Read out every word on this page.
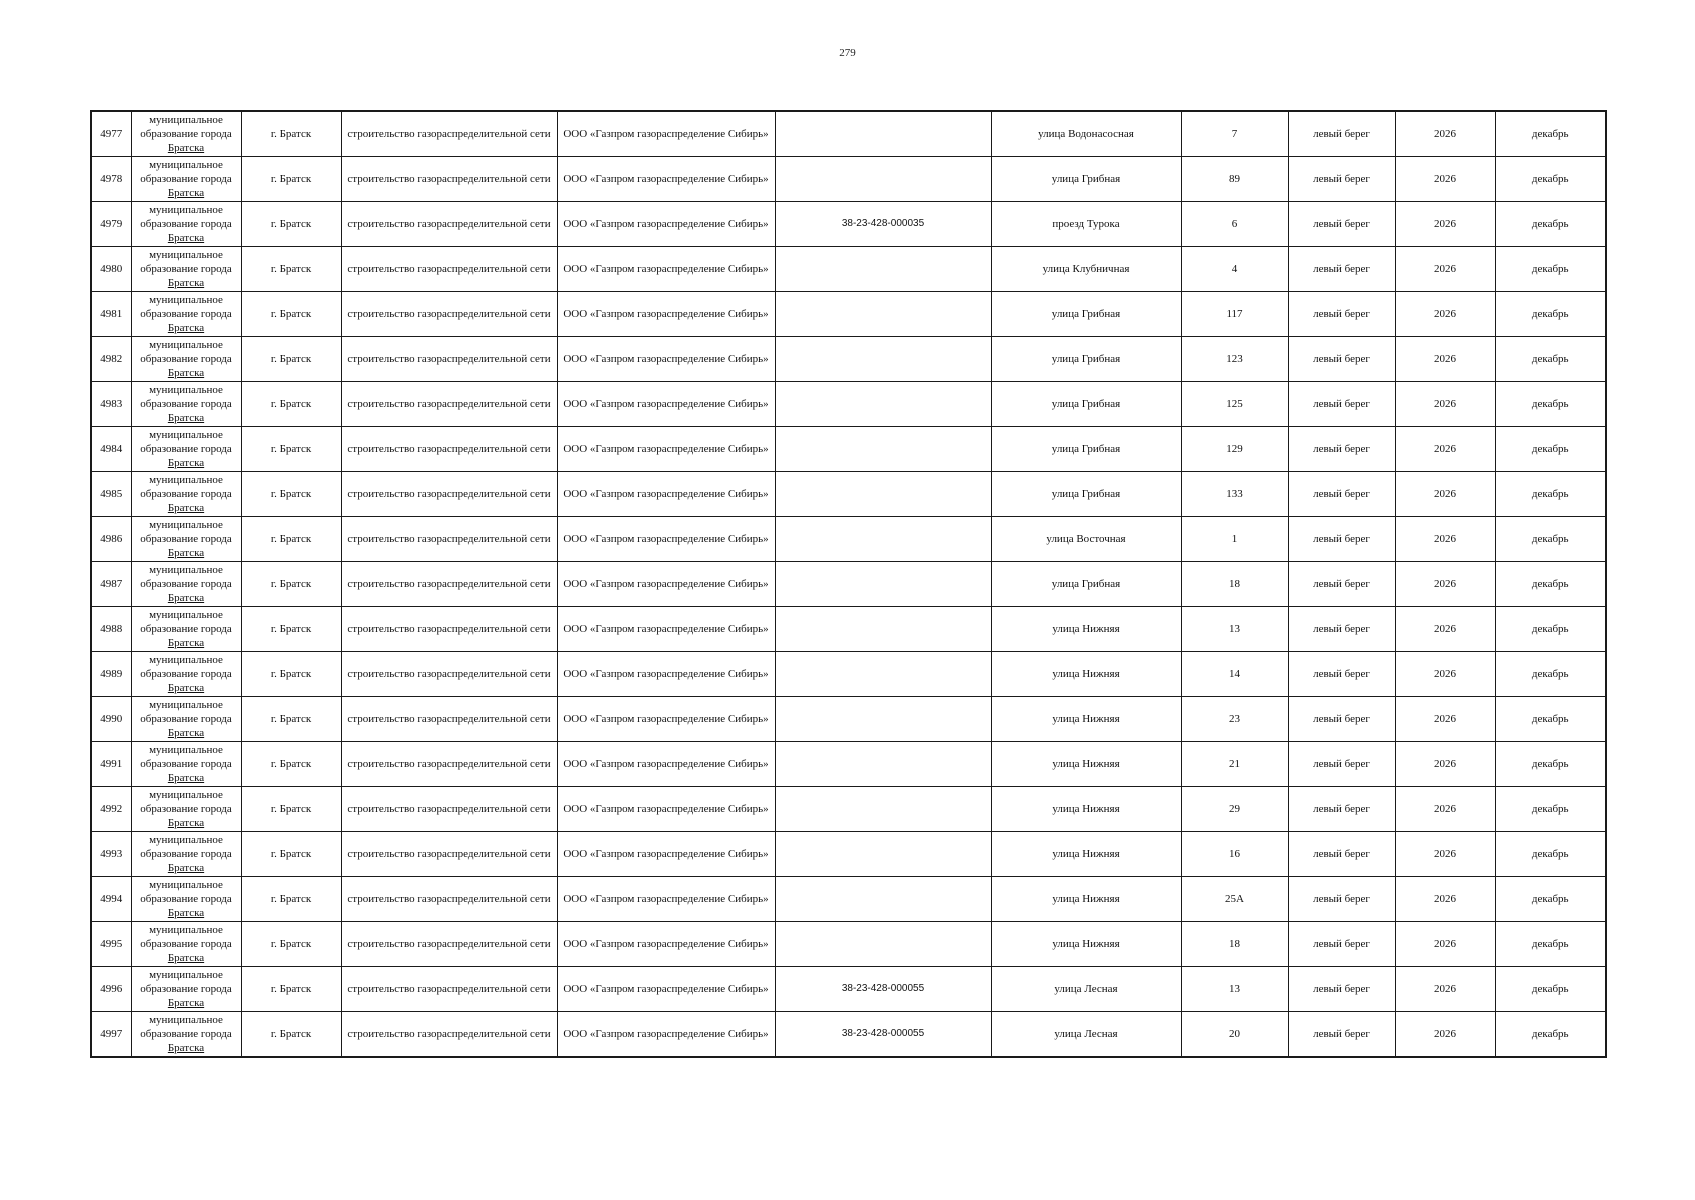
279
4977	муниципальное
образование города
Братска	г. Братск	строительство газораспределительной сети	ООО «Газпром газораспределение Сибирь»		улица Водонасосная	7	левый берег	2026	декабрь
4978	муниципальное
образование города
Братска	г. Братск	строительство газораспределительной сети	ООО «Газпром газораспределение Сибирь»		улица Грибная	89	левый берег	2026	декабрь
4979	муниципальное
образование города
Братска	г. Братск	строительство газораспределительной сети	ООО «Газпром газораспределение Сибирь»	38-23-428-000035	проезд Турока	6	левый берег	2026	декабрь
4980	муниципальное
образование города
Братска	г. Братск	строительство газораспределительной сети	ООО «Газпром газораспределение Сибирь»		улица Клубничная	4	левый берег	2026	декабрь
4981	муниципальное
образование города
Братска	г. Братск	строительство газораспределительной сети	ООО «Газпром газораспределение Сибирь»		улица Грибная	117	левый берег	2026	декабрь
4982	муниципальное
образование города
Братска	г. Братск	строительство газораспределительной сети	ООО «Газпром газораспределение Сибирь»		улица Грибная	123	левый берег	2026	декабрь
4983	муниципальное
образование города
Братска	г. Братск	строительство газораспределительной сети	ООО «Газпром газораспределение Сибирь»		улица Грибная	125	левый берег	2026	декабрь
4984	муниципальное
образование города
Братска	г. Братск	строительство газораспределительной сети	ООО «Газпром газораспределение Сибирь»		улица Грибная	129	левый берег	2026	декабрь
4985	муниципальное
образование города
Братска	г. Братск	строительство газораспределительной сети	ООО «Газпром газораспределение Сибирь»		улица Грибная	133	левый берег	2026	декабрь
4986	муниципальное
образование города
Братска	г. Братск	строительство газораспределительной сети	ООО «Газпром газораспределение Сибирь»		улица Восточная	1	левый берег	2026	декабрь
4987	муниципальное
образование города
Братска	г. Братск	строительство газораспределительной сети	ООО «Газпром газораспределение Сибирь»		улица Грибная	18	левый берег	2026	декабрь
4988	муниципальное
образование города
Братска	г. Братск	строительство газораспределительной сети	ООО «Газпром газораспределение Сибирь»		улица Нижняя	13	левый берег	2026	декабрь
4989	муниципальное
образование города
Братска	г. Братск	строительство газораспределительной сети	ООО «Газпром газораспределение Сибирь»		улица Нижняя	14	левый берег	2026	декабрь
4990	муниципальное
образование города
Братска	г. Братск	строительство газораспределительной сети	ООО «Газпром газораспределение Сибирь»		улица Нижняя	23	левый берег	2026	декабрь
4991	муниципальное
образование города
Братска	г. Братск	строительство газораспределительной сети	ООО «Газпром газораспределение Сибирь»		улица Нижняя	21	левый берег	2026	декабрь
4992	муниципальное
образование города
Братска	г. Братск	строительство газораспределительной сети	ООО «Газпром газораспределение Сибирь»		улица Нижняя	29	левый берег	2026	декабрь
4993	муниципальное
образование города
Братска	г. Братск	строительство газораспределительной сети	ООО «Газпром газораспределение Сибирь»		улица Нижняя	16	левый берег	2026	декабрь
4994	муниципальное
образование города
Братска	г. Братск	строительство газораспределительной сети	ООО «Газпром газораспределение Сибирь»		улица Нижняя	25А	левый берег	2026	декабрь
4995	муниципальное
образование города
Братска	г. Братск	строительство газораспределительной сети	ООО «Газпром газораспределение Сибирь»		улица Нижняя	18	левый берег	2026	декабрь
4996	муниципальное
образование города
Братска	г. Братск	строительство газораспределительной сети	ООО «Газпром газораспределение Сибирь»	38-23-428-000055	улица Лесная	13	левый берег	2026	декабрь
4997	муниципальное
образование города
Братска	г. Братск	строительство газораспределительной сети	ООО «Газпром газораспределение Сибирь»	38-23-428-000055	улица Лесная	20	левый берег	2026	декабрь
